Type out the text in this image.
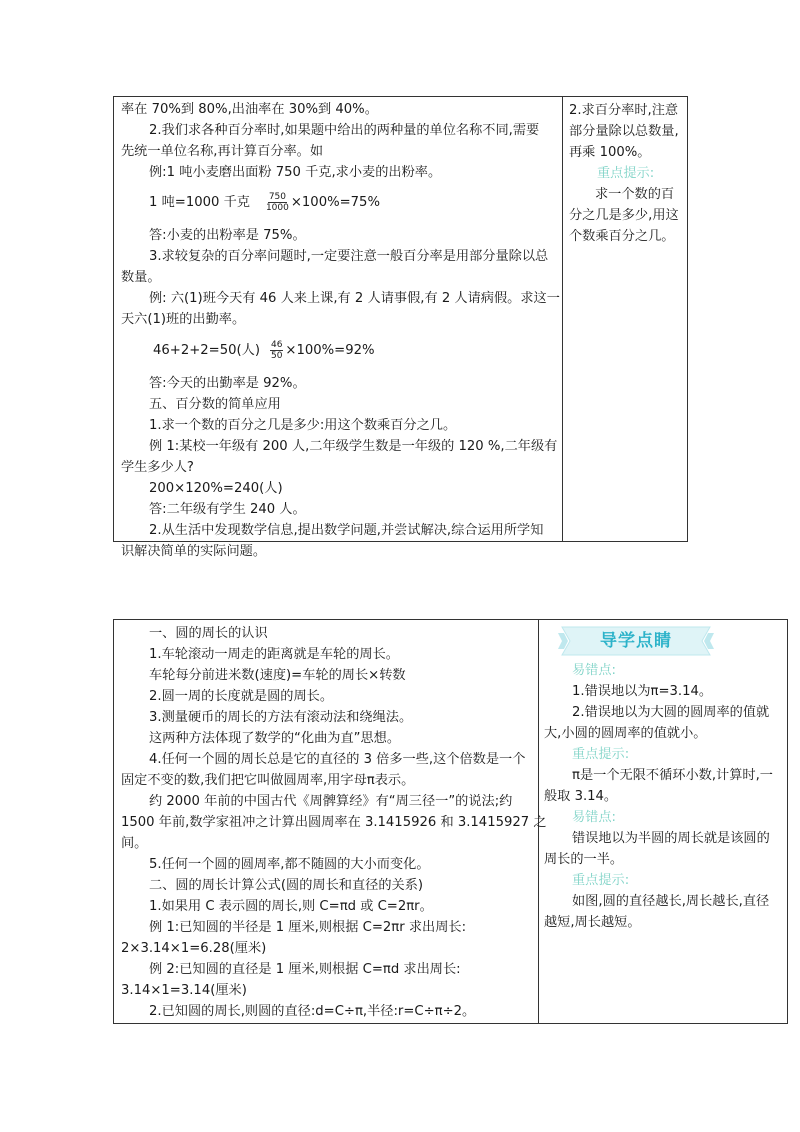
率在 70%到 80%,出油率在 30%到 40%。

2.我们求各种百分率时,如果题中给出的两种量的单位名称不同,需要

先统一单位名称,再计算百分率。如

例:1 吨小麦磨出面粉 750 千克,求小麦的出粉率。

1 吨=1000 千克 $\frac{750}{1000} \times 100\%=75\%$

答:小麦的出粉率是 75%。

3.求较复杂的百分率问题时,一定要注意一般百分率是用部分量除以总

数量。

例: 六(1)班今天有 46 人来上课,有 2 人请事假,有 2 人请病假。求这一

天六(1)班的出勤率。

46+2+2=50(人) $\frac{46}{50} \times 100\%=92\%$

答:今天的出勤率是 92%。

五、百分数的简单应用

1.求一个数的百分之几是多少:用这个数乘百分之几。

例 1:某校一年级有 200 人,二年级学生数是一年级的 120 %,二年级有

学生多少人?

200×120%=240(人)

答:二年级有学生 240 人。

2.从生活中发现数学信息,提出数学问题,并尝试解决,综合运用所学知

识解决简单的实际问题。

2.求百分率时,注意部分量除以总数量,再乘 100%。

重点提示:

求一个数的百分之几是多少,用这个数乘百分之几。

一、圆的周长的认识

1.车轮滚动一周走的距离就是车轮的周长。

车轮每分前进米数(速度)=车轮的周长×转数

2.圆一周的长度就是圆的周长。

3.测量硬币的周长的方法有滚动法和绕绳法。

这两种方法体现了数学的“化曲为直”思想。

4.任何一个圆的周长总是它的直径的 3 倍多一些,这个倍数是一个

固定不变的数,我们把它叫做圆周率,用字母π表示。

约 2000 年前的中国古代《周髀算经》有“周三径一”的说法;约

1500 年前,数学家祖冲之计算出圆周率在 3.1415926 和 3.1415927 之

间。

5.任何一个圆的圆周率,都不随圆的大小而变化。

二、圆的周长计算公式(圆的周长和直径的关系)

1.如果用 C 表示圆的周长,则 C=πd 或 C=2πr。

例 1:已知圆的半径是 1 厘米,则根据 C=2πr 求出周长:

2×3.14×1=6.28(厘米)

例 2:已知圆的直径是 1 厘米,则根据 C=πd 求出周长:

3.14×1=3.14(厘米)

2.已知圆的周长,则圆的直径:d=C÷π,半径:r=C÷π÷2。

易错点:

1.错误地以为π=3.14。

2.错误地以为大圆的圆周率的值就大,小圆的圆周率的值就小。

重点提示:

π是一个无限不循环小数,计算时,一般取 3.14。

易错点:

错误地以为半圆的周长就是该圆的周长的一半。

重点提示:

如图,圆的直径越长,周长越长,直径越短,周长越短。

导学点睛
